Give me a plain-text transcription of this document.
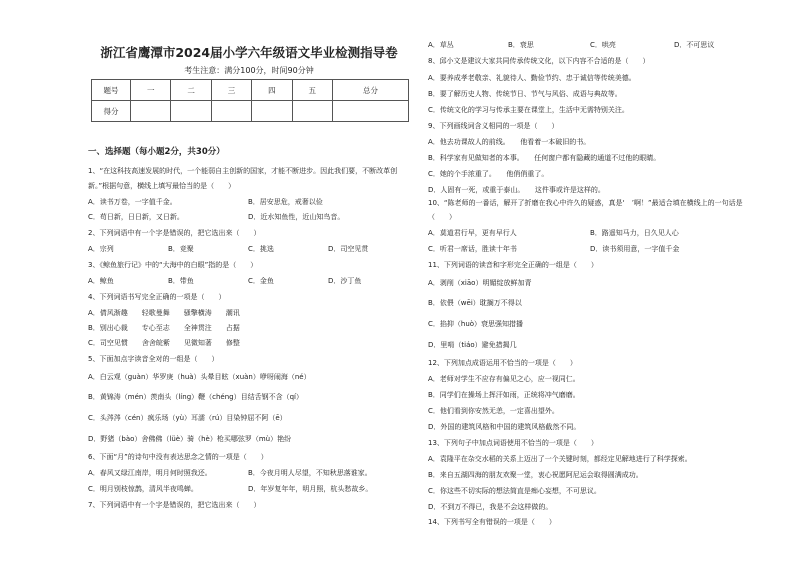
浙江省鹰潭市2024届小学六年级语文毕业检测指导卷
考生注意：满分100分，时间90分钟
题号	一	二	三	四	五	总分
得分						
一、选择题（每小题2分，共30分）
1、“在这科技高速发展的时代，一个能弱自主创新的国家，才能不断进步。因此我们要，不断改革创
新。”根据句意，横线上填写最恰当的是（　　）
A．读书万卷，一字值千金。	B．居安思危，戒奢以俭
C．苟日新，日日新，又日新。	D．近水知鱼性，近山知鸟音。
2、下列词语中有一个字是错误的，把它选出来（　　）
A．宗列	B．竞聚	C．挑选	D．司空见贯
3、《鲸鱼旅行记》中的“大海中的白眼”指的是（　　）
A．鲸鱼	B．带鱼	C．金鱼	D．沙丁鱼
4、下列词语书写完全正确的一项是（　　）
A．倩风渐趣　　轻歌曼舞　　骚擎横涛　　潮讯
B．别出心裁　　专心至志　　全神贯注　　占据
C．司空见惯　　舍舍皖紫　　见微知著　　修整
5、下面加点字读音全对的一组是（　　）
A．白云观（guàn）华罗庚（huà）头晕目眩（xuàn）咿呀闹海（né）
B．黄锦涛（mén）羡南头（líng）鞭（chéng）目结舌钢不含（qí）
C．头涔涔（cén）疯乐场（yù）耳濡（rú）目染钟屈不阿（ē）
D．野猪（bào）舍佛佛（lüè）骑（hè）枪买哪弦罗（mù）艳纷
6、下面“月”的诗句中没有表达思念之情的一项是（　　）
A．春风又绿江南岸，明月何时照我还。	B．今夜月明人尽望，不知秋思落谁家。
C．明月别枝惊鹊，清风半夜鸣蝉。	D．年岁复年年，明月照，杭头愁故乡。
7、下列词语中有一个字是错误的，把它选出来（　　）
A．草丛	B．衰思	C．哄亮	D．不可思议
8、邱小文是建议大家共同传承传统文化，以下内容不合适的是（　　）
A．要养成孝老敬亲、礼貌待人、勤俭节约、忠于诚信等传统美德。
B．要了解历史人物、传统节日、节气与风俗、成语与典故等。
C．传统文化的学习与传承主要在课堂上，生活中无需特别关注。
9、下列画线词含义相同的一项是（　　）
A．他去功课故人的前线。　　他看着一本破旧的书。
B．科学家有见做知者的本事。　　任何窗户都有隐藏的通道不过他的眼睛。
C．她的个手浓重了。　　他俏俏重了。
D．人固有一死，或重于泰山。　　这件事或许是这样的。
10、“陈老师的一番话，解开了折磨在我心中许久的疑惑，真是‘　’啊！”最适合填在横线上的一句话是
（　　）
A．莫道君行早，更有早行人	B．路遥知马力，日久见人心
C．听君一席话，胜读十年书	D．读书须用意，一字值千金
11、下列词语的读音和字形完全正确的一组是（　　）
A．剥削（xiāo）明媚绽放鲜加青
B．依偎（wēi）耽搁万不得以
C．掐抑（huò）衰思强知措播
D．里啃（tiáo）避免措揭几
12、下列加点成语运用不恰当的一项是（　　）
A．老师对学生不应存有偏见之心，应一视同仁。
B．同学们在操场上挥汗如雨，正统将冲气磨磨。
C．他们看到你安然无恙，一定喜出望外。
D．外国的建筑风格和中国的建筑风格截然不同。
13、下列句子中加点词语使用不恰当的一项是（　　）
A．袁隆平在杂交水稻的关系上迈出了一个关键时刻，都经定见解地进行了科学探索。
B．来自五湖四海的朋友欢聚一堂，衷心祝愿阿尼运会取得圆满成功。
C．你这些不切实际的想法简直是痴心妄想，不可思议。
D．不到万不得已，我是不会这样做的。
14、下列书写全有错误的一项是（　　）
